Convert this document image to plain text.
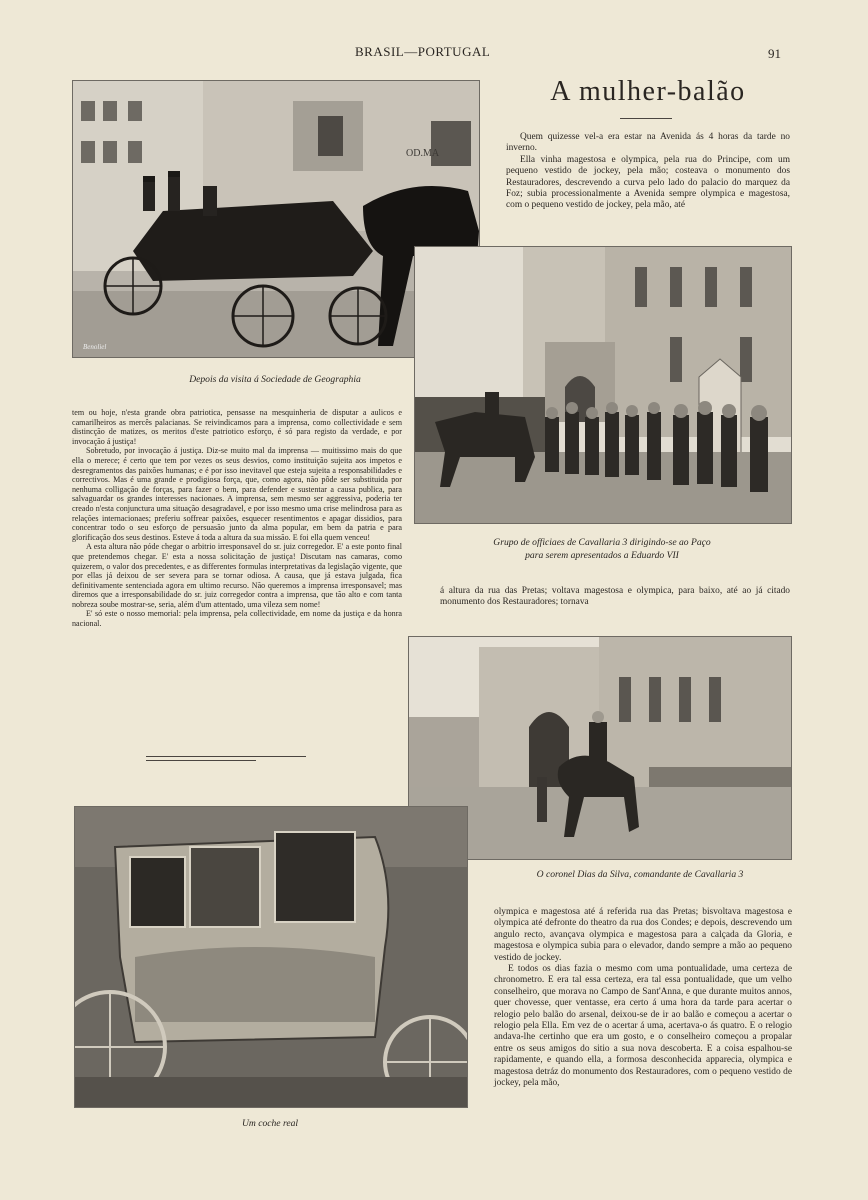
BRASIL—PORTUGAL	91
OD.MA
Benoliel
Depois da visita á Sociedade de Geographia
A mulher-balão

Quem quizesse vel-a era estar na Avenida ás 4 horas da tarde no inverno.

Ella vinha magestosa e olympica, pela rua do Principe, com um pequeno vestido de jockey, pela mão; costeava o monumento dos Restauradores, descrevendo a curva pelo lado do palacio do marquez da Foz; subia processionalmente a Avenida sempre olympica e magestosa, com o pequeno vestido de jockey, pela mão, até

Grupo de officiaes de Cavallaria 3 dirigindo-se ao Paço
para serem apresentados a Eduardo VII

tem ou hoje, n'esta grande obra patriotica, pensasse na mesquinheria de disputar a aulicos e camarilheiros as mercês palacianas. Se reivindicamos para a imprensa, como collectividade e sem distincção de matizes, os meritos d'este patriotico esforço, é só para registo da verdade, e por invocação á justiça!

Sobretudo, por invocação á justiça. Diz-se muito mal da imprensa — muitissimo mais do que ella o merece; é certo que tem por vezes os seus desvios, como instituição sujeita aos impetos e desregramentos das paixões humanas; e é por isso inevitavel que esteja sujeita a responsabilidades e correctivos. Mas é uma grande e prodigiosa força, que, como agora, não pôde ser substituida por nenhuma colligação de forças, para fazer o bem, para defender e sustentar a causa publica, para salvaguardar os grandes interesses nacionaes. A imprensa, sem mesmo ser aggressiva, poderia ter creado n'esta conjunctura uma situação desagradavel, e por isso mesmo uma crise melindrosa para as relações internacionaes; preferiu soffrear paixões, esquecer resentimentos e apagar dissidios, para concentrar todo o seu esforço de persuasão junto da alma popular, em bem da patria e para glorificação dos seus destinos. Esteve á toda a altura da sua missão. E foi ella quem venceu!

A esta altura não póde chegar o arbitrio irresponsavel do sr. juiz corregedor. E' a este ponto final que pretendemos chegar. E' esta a nossa solicitação de justiça! Discutam nas camaras, como quizerem, o valor dos precedentes, e as differentes formulas interpretativas da legislação vigente, que por ellas já deixou de ser severa para se tornar odiosa. A causa, que já estava julgada, fica definitivamente sentenciada agora em ultimo recurso. Não queremos a imprensa irresponsavel; mas diremos que a irresponsabilidade do sr. juiz corregedor contra a imprensa, que tão alto e com tanta nobreza soube mostrar-se, seria, além d'um attentado, uma vileza sem nome!

E' só este o nosso memorial: pela imprensa, pela collectividade, em nome da justiça e da honra nacional.

á altura da rua das Pretas; voltava magestosa e olympica, para baixo, até ao já citado monumento dos Restauradores; tornava

O coronel Dias da Silva, comandante de Cavallaria 3
Um coche real

olympica e magestosa até á referida rua das Pretas; bisvoltava magestosa e olympica até defronte do theatro da rua dos Condes; e depois, descrevendo um angulo recto, avançava olympica e magestosa para a calçada da Gloria, e magestosa e olympica subia para o elevador, dando sempre a mão ao pequeno vestido de jockey.

E todos os dias fazia o mesmo com uma pontualidade, uma certeza de chronometro. E era tal essa certeza, era tal essa pontualidade, que um velho conselheiro, que morava no Campo de Sant'Anna, e que durante muitos annos, quer chovesse, quer ventasse, era certo á uma hora da tarde para acertar o relogio pelo balão do arsenal, deixou-se de ir ao balão e começou a acertar o relogio pela Ella. Em vez de o acertar á uma, acertava-o ás quatro. E o relogio andava-lhe certinho que era um gosto, e o conselheiro começou a propalar entre os seus amigos do sitio a sua nova descoberta. E a coisa espalhou-se rapidamente, e quando ella, a formosa desconhecida apparecia, olympica e magestosa detráz do monumento dos Restauradores, com o pequeno vestido de jockey, pela mão,
